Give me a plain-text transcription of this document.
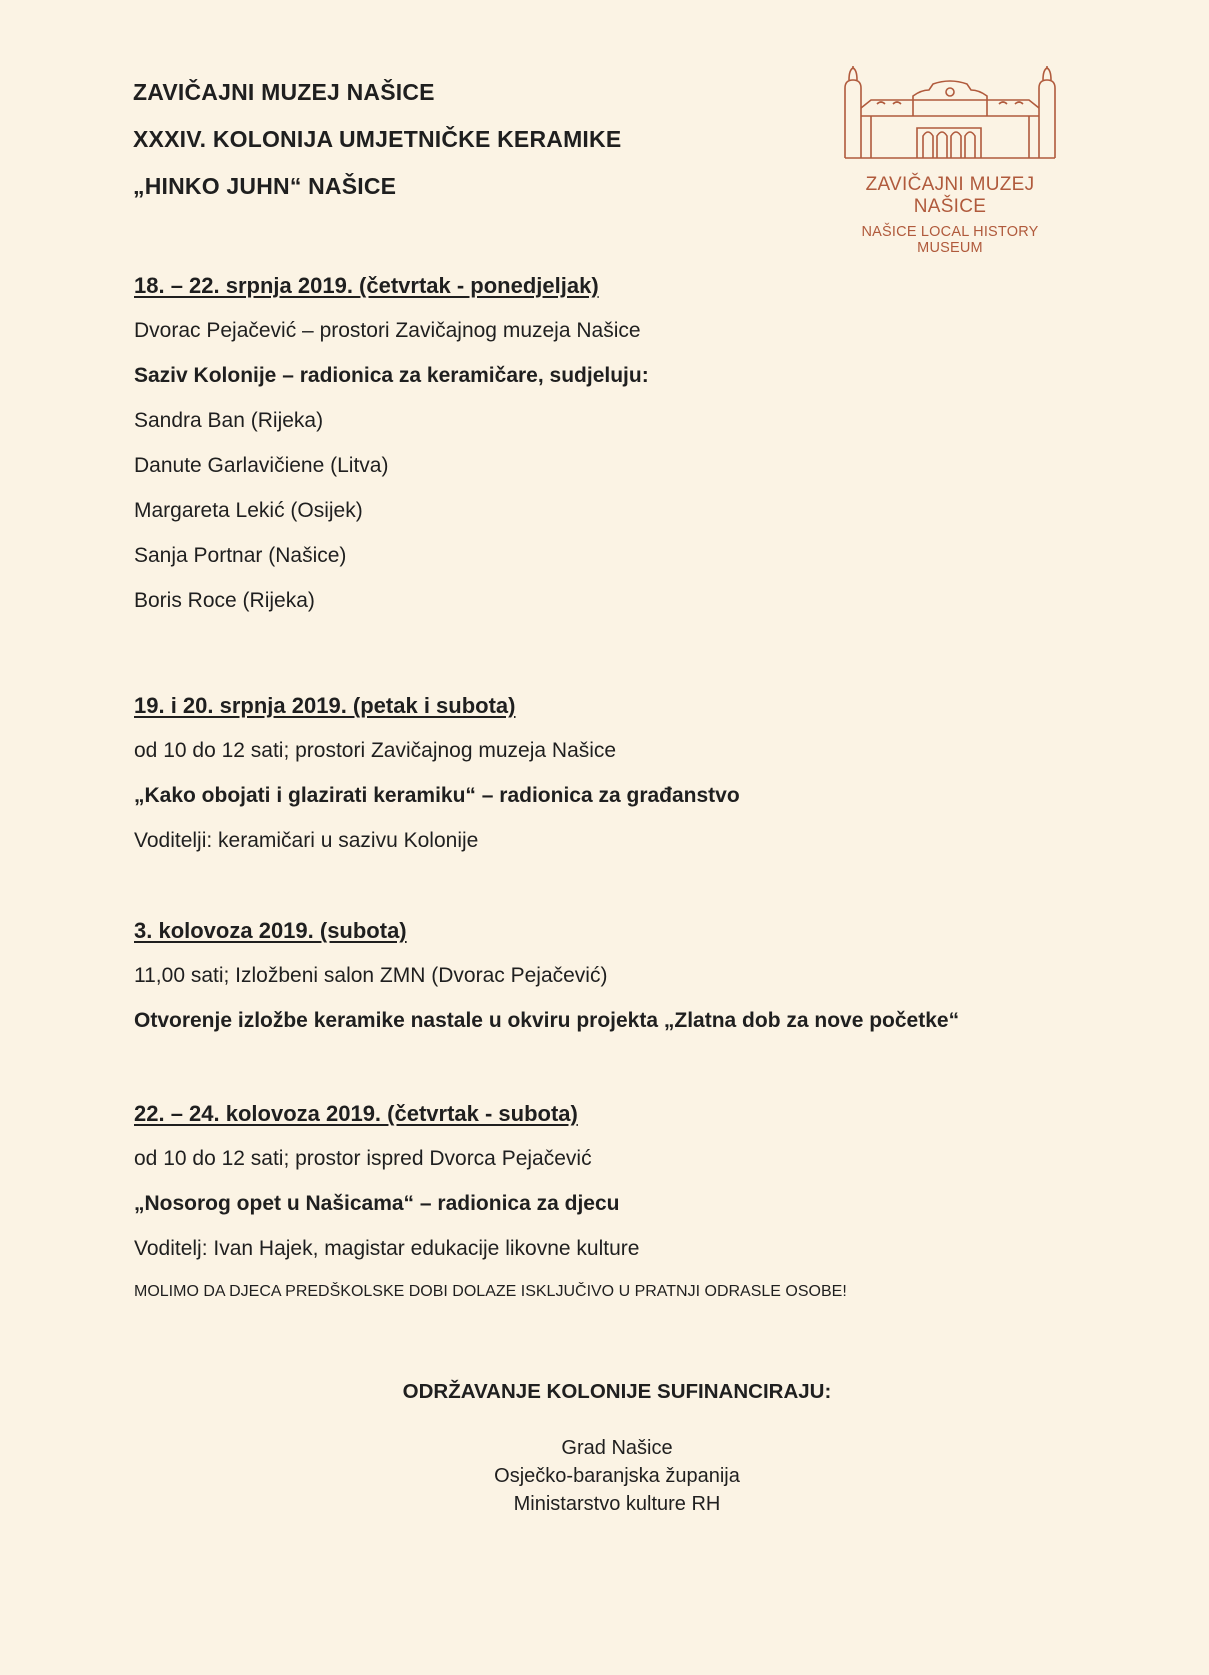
ZAVIČAJNI MUZEJ NAŠICE
XXXIV. KOLONIJA UMJETNIČKE KERAMIKE
„HINKO JUHN“ NAŠICE	ZAVIČAJNI MUZEJ NAŠICE
NAŠICE LOCAL HISTORY MUSEUM
18. – 22. srpnja 2019. (četvrtak - ponedjeljak)
Dvorac Pejačević – prostori Zavičajnog muzeja Našice
Saziv Kolonije – radionica za keramičare, sudjeluju:
Sandra Ban (Rijeka)
Danute Garlavičiene (Litva)
Margareta Lekić (Osijek)
Sanja Portnar (Našice)
Boris Roce (Rijeka)
19. i 20. srpnja 2019. (petak i subota)
od 10 do 12 sati; prostori Zavičajnog muzeja Našice
„Kako obojati i glazirati keramiku“ – radionica za građanstvo
Voditelji: keramičari u sazivu Kolonije
3. kolovoza 2019. (subota)
11,00 sati; Izložbeni salon ZMN (Dvorac Pejačević)
Otvorenje izložbe keramike nastale u okviru projekta „Zlatna dob za nove početke“
22. – 24. kolovoza 2019. (četvrtak - subota)
od 10 do 12 sati; prostor ispred Dvorca Pejačević
„Nosorog opet u Našicama“ – radionica za djecu
Voditelj: Ivan Hajek, magistar edukacije likovne kulture
MOLIMO DA DJECA PREDŠKOLSKE DOBI DOLAZE ISKLJUČIVO U PRATNJI ODRASLE OSOBE!
ODRŽAVANJE KOLONIJE SUFINANCIRAJU:
Grad Našice
Osječko-baranjska županija
Ministarstvo kulture RH
